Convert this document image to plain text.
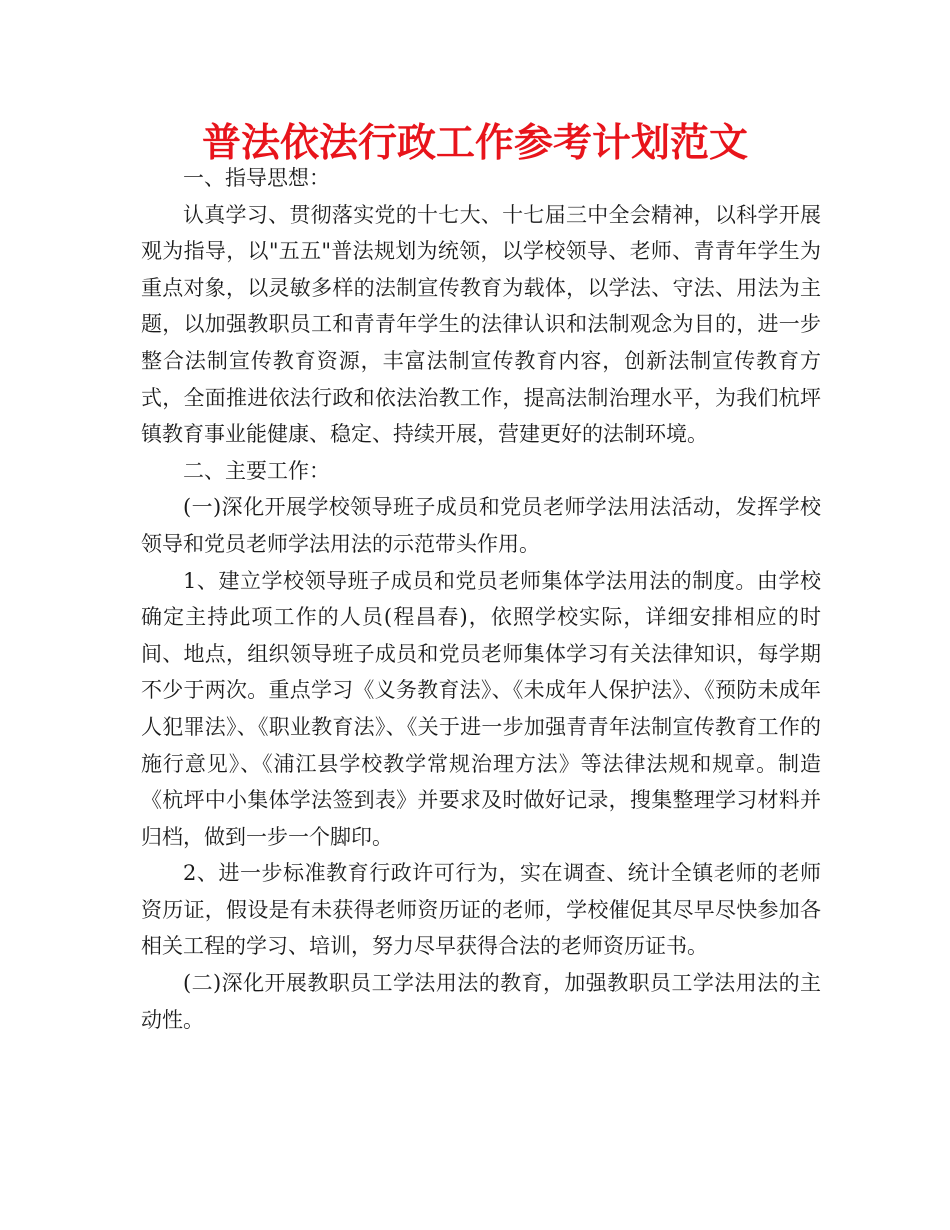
普法依法行政工作参考计划范文

一、指导思想：

认真学习、贯彻落实党的十七大、十七届三中全会精神，以科学开展观为指导，以"五五"普法规划为统领，以学校领导、老师、青青年学生为重点对象，以灵敏多样的法制宣传教育为载体，以学法、守法、用法为主题，以加强教职员工和青青年学生的法律认识和法制观念为目的，进一步整合法制宣传教育资源，丰富法制宣传教育内容，创新法制宣传教育方式，全面推进依法行政和依法治教工作，提高法制治理水平，为我们杭坪镇教育事业能健康、稳定、持续开展，营建更好的法制环境。

二、主要工作：

(一)深化开展学校领导班子成员和党员老师学法用法活动，发挥学校领导和党员老师学法用法的示范带头作用。

1、建立学校领导班子成员和党员老师集体学法用法的制度。由学校确定主持此项工作的人员(程昌春)，依照学校实际，详细安排相应的时间、地点，组织领导班子成员和党员老师集体学习有关法律知识，每学期不少于两次。重点学习《义务教育法》、《未成年人保护法》、《预防未成年人犯罪法》、《职业教育法》、《关于进一步加强青青年法制宣传教育工作的施行意见》、《浦江县学校教学常规治理方法》等法律法规和规章。制造《杭坪中小集体学法签到表》并要求及时做好记录，搜集整理学习材料并归档，做到一步一个脚印。

2、进一步标准教育行政许可行为，实在调查、统计全镇老师的老师资历证，假设是有未获得老师资历证的老师，学校催促其尽早尽快参加各相关工程的学习、培训，努力尽早获得合法的老师资历证书。

(二)深化开展教职员工学法用法的教育，加强教职员工学法用法的主动性。
